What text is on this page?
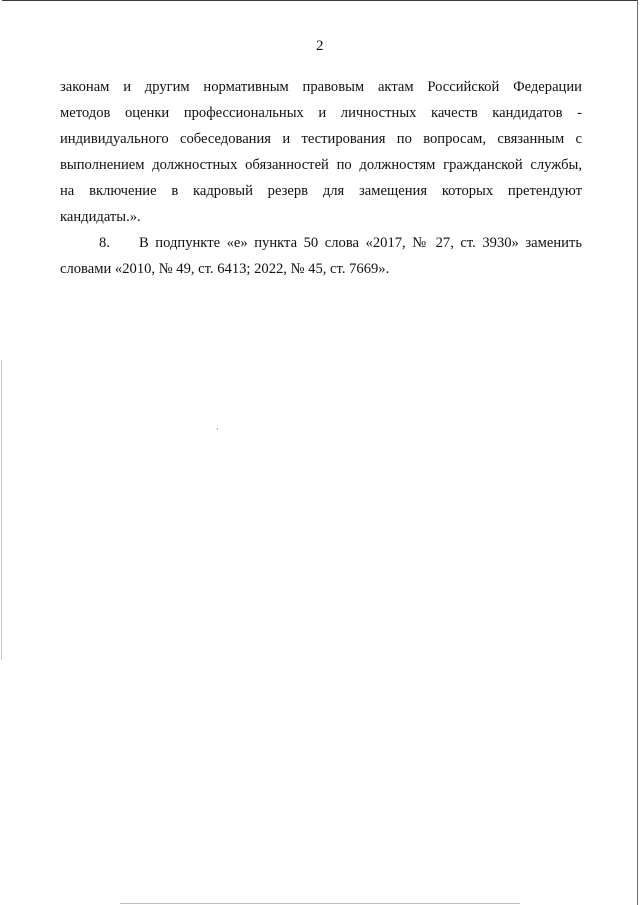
2

законам и другим нормативным правовым актам Российской Федерации
методов оценки профессиональных и личностных качеств кандидатов -
индивидуального собеседования и тестирования по вопросам, связанным с
выполнением должностных обязанностей по должностям гражданской службы,
на включение в кадровый резерв для замещения которых претендуют
кандидаты.».

8. В подпункте «е» пункта 50 слова «2017, № 27, ст. 3930» заменить
словами «2010, № 49, ст. 6413; 2022, № 45, ст. 7669».
